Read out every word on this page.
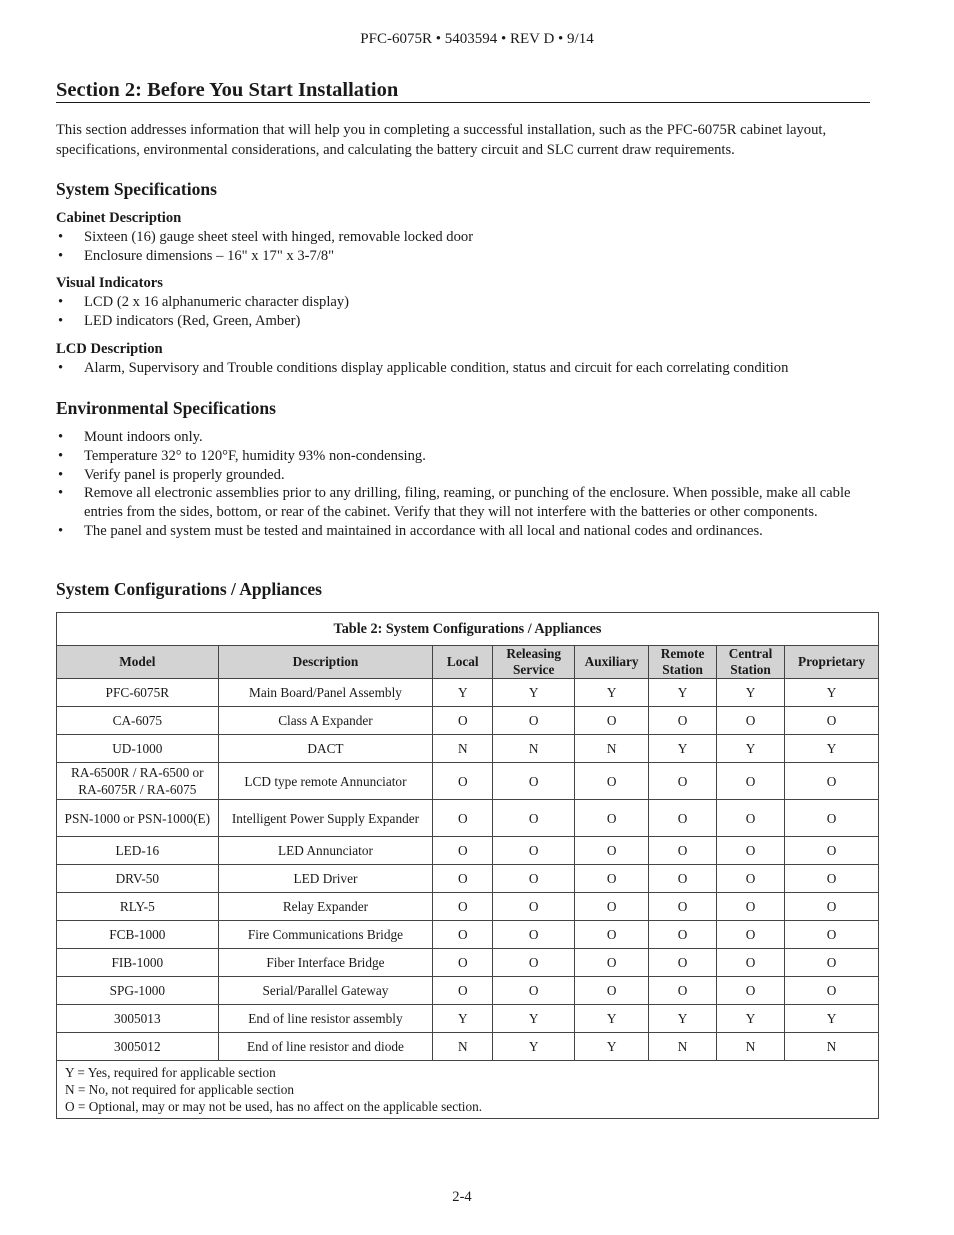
PFC-6075R • 5403594 • REV D • 9/14
Section 2: Before You Start Installation
This section addresses information that will help you in completing a successful installation, such as the PFC-6075R cabinet layout, specifications, environmental considerations, and calculating the battery circuit and SLC current draw requirements.
System Specifications
Cabinet Description
• Sixteen (16) gauge sheet steel with hinged, removable locked door
• Enclosure dimensions – 16" x 17" x 3-7/8"
Visual Indicators
• LCD (2 x 16 alphanumeric character display)
• LED indicators (Red, Green, Amber)
LCD Description
• Alarm, Supervisory and Trouble conditions display applicable condition, status and circuit for each correlating condition
Environmental Specifications
• Mount indoors only.
• Temperature 32° to 120°F, humidity 93% non-condensing.
• Verify panel is properly grounded.
• Remove all electronic assemblies prior to any drilling, filing, reaming, or punching of the enclosure. When possible, make all cable entries from the sides, bottom, or rear of the cabinet. Verify that they will not interfere with the batteries or other components.
• The panel and system must be tested and maintained in accordance with all local and national codes and ordinances.
System Configurations / Appliances
Table 2: System Configurations / Appliances							
Model	Description	Local	Releasing Service	Auxiliary	Remote Station	Central Station	Proprietary
PFC-6075R	Main Board/Panel Assembly	Y	Y	Y	Y	Y	Y
CA-6075	Class A Expander	O	O	O	O	O	O
UD-1000	DACT	N	N	N	Y	Y	Y
RA-6500R / RA-6500 or RA-6075R / RA-6075	LCD type remote Annunciator	O	O	O	O	O	O
PSN-1000 or PSN-1000(E)	Intelligent Power Supply Expander	O	O	O	O	O	O
LED-16	LED Annunciator	O	O	O	O	O	O
DRV-50	LED Driver	O	O	O	O	O	O
RLY-5	Relay Expander	O	O	O	O	O	O
FCB-1000	Fire Communications Bridge	O	O	O	O	O	O
FIB-1000	Fiber Interface Bridge	O	O	O	O	O	O
SPG-1000	Serial/Parallel Gateway	O	O	O	O	O	O
3005013	End of line resistor assembly	Y	Y	Y	Y	Y	Y
3005012	End of line resistor and diode	N	Y	Y	N	N	N

Y = Yes, required for applicable section
N = No, not required for applicable section
O = Optional, may or may not be used, has no affect on the applicable section.							
2-4
